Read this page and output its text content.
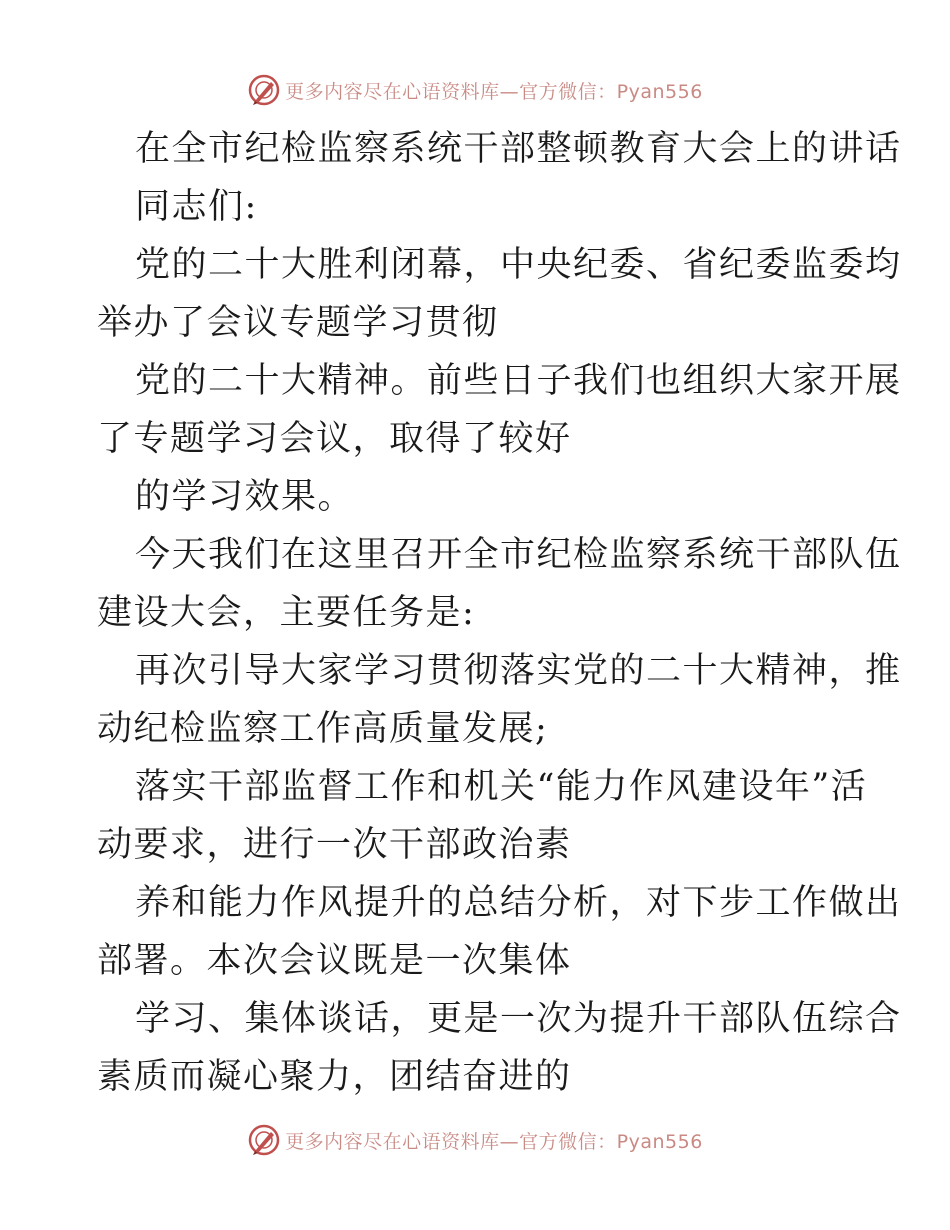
更多内容尽在心语资料库—官方微信：Pyan556
在全市纪检监察系统干部整顿教育大会上的讲话
同志们:
党的二十大胜利闭幕，中央纪委、省纪委监委均
举办了会议专题学习贯彻
党的二十大精神。前些日子我们也组织大家开展
了专题学习会议，取得了较好
的学习效果。
今天我们在这里召开全市纪检监察系统干部队伍
建设大会，主要任务是:
再次引导大家学习贯彻落实党的二十大精神，推
动纪检监察工作高质量发展;
落实干部监督工作和机关“能力作风建设年”活
动要求，进行一次干部政治素
养和能力作风提升的总结分析，对下步工作做出
部署。本次会议既是一次集体
学习、集体谈话，更是一次为提升干部队伍综合
素质而凝心聚力，团结奋进的
更多内容尽在心语资料库—官方微信：Pyan556
